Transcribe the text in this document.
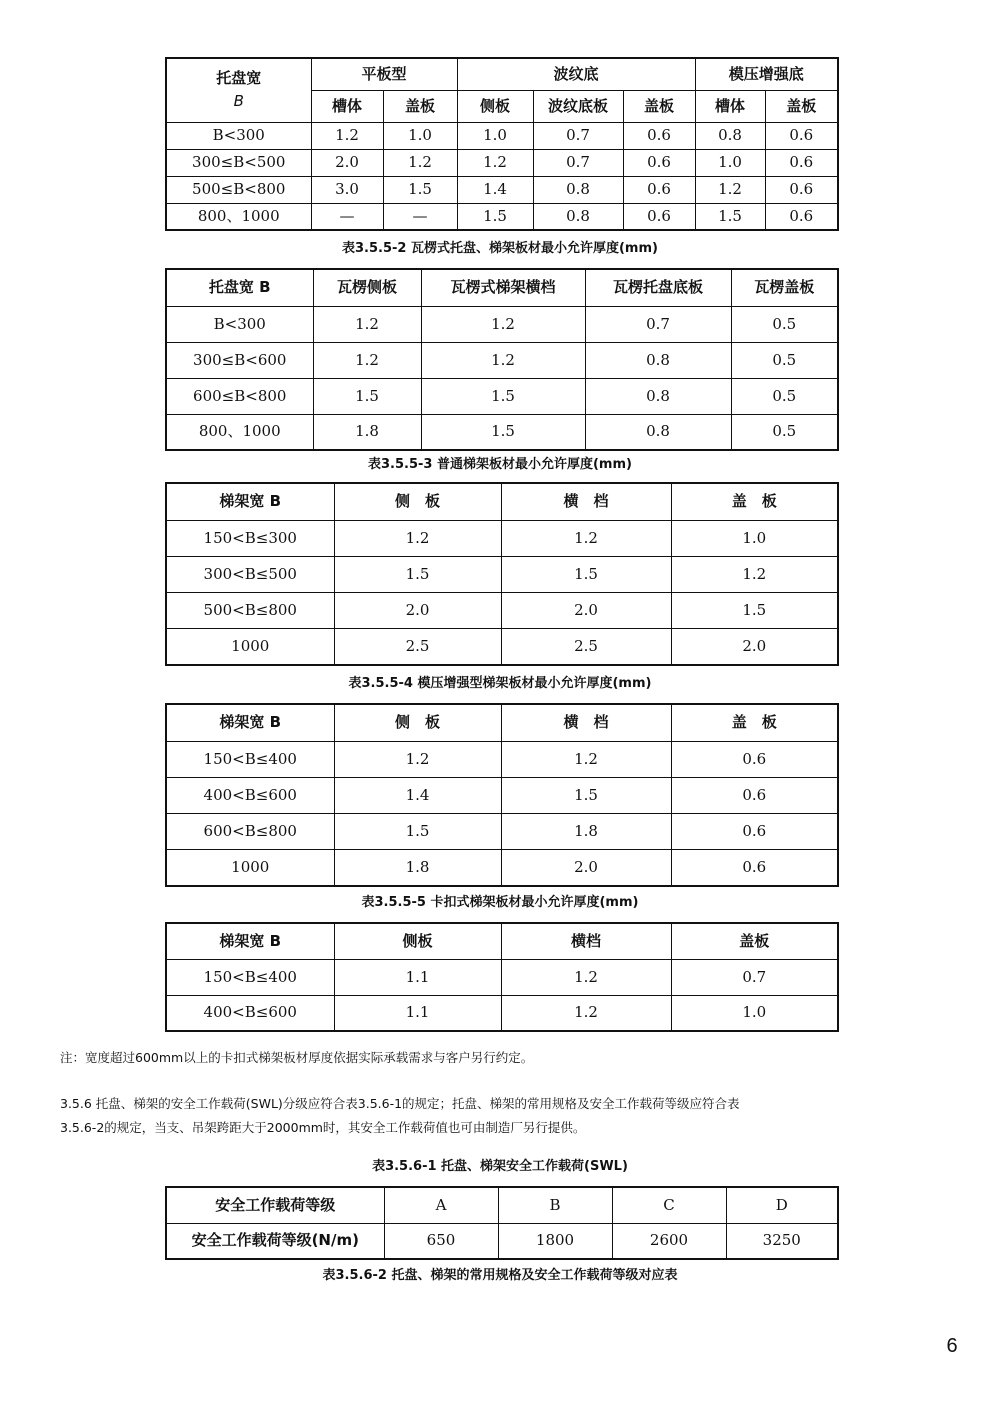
托盘宽
B	平板型		波纹底			模压增强底	
	槽体	盖板	侧板	波纹底板	盖板	槽体	盖板
B<300	1.2	1.0	1.0	0.7	0.6	0.8	0.6
300≤B<500	2.0	1.2	1.2	0.7	0.6	1.0	0.6
500≤B<800	3.0	1.5	1.4	0.8	0.6	1.2	0.6
800、1000	—	—	1.5	0.8	0.6	1.5	0.6
表3.5.5-2 瓦楞式托盘、梯架板材最小允许厚度(mm)
托盘宽 B	瓦楞侧板	瓦楞式梯架横档	瓦楞托盘底板	瓦楞盖板
B<300	1.2	1.2	0.7	0.5
300≤B<600	1.2	1.2	0.8	0.5
600≤B<800	1.5	1.5	0.8	0.5
800、1000	1.8	1.5	0.8	0.5
表3.5.5-3 普通梯架板材最小允许厚度(mm)
梯架宽 B	侧　板	横　档	盖　板
150<B≤300	1.2	1.2	1.0
300<B≤500	1.5	1.5	1.2
500<B≤800	2.0	2.0	1.5
1000	2.5	2.5	2.0
表3.5.5-4 模压增强型梯架板材最小允许厚度(mm)
梯架宽 B	侧　板	横　档	盖　板
150<B≤400	1.2	1.2	0.6
400<B≤600	1.4	1.5	0.6
600<B≤800	1.5	1.8	0.6
1000	1.8	2.0	0.6
表3.5.5-5 卡扣式梯架板材最小允许厚度(mm)
梯架宽 B	侧板	横档	盖板
150<B≤400	1.1	1.2	0.7
400<B≤600	1.1	1.2	1.0
注：宽度超过600mm以上的卡扣式梯架板材厚度依据实际承载需求与客户另行约定。
3.5.6 托盘、梯架的安全工作载荷(SWL)分级应符合表3.5.6-1的规定；托盘、梯架的常用规格及安全工作载荷等级应符合表
3.5.6-2的规定，当支、吊架跨距大于2000mm时，其安全工作载荷值也可由制造厂另行提供。
表3.5.6-1 托盘、梯架安全工作载荷(SWL)
安全工作载荷等级	A	B	C	D
安全工作载荷等级(N/m)	650	1800	2600	3250
表3.5.6-2 托盘、梯架的常用规格及安全工作载荷等级对应表
6
